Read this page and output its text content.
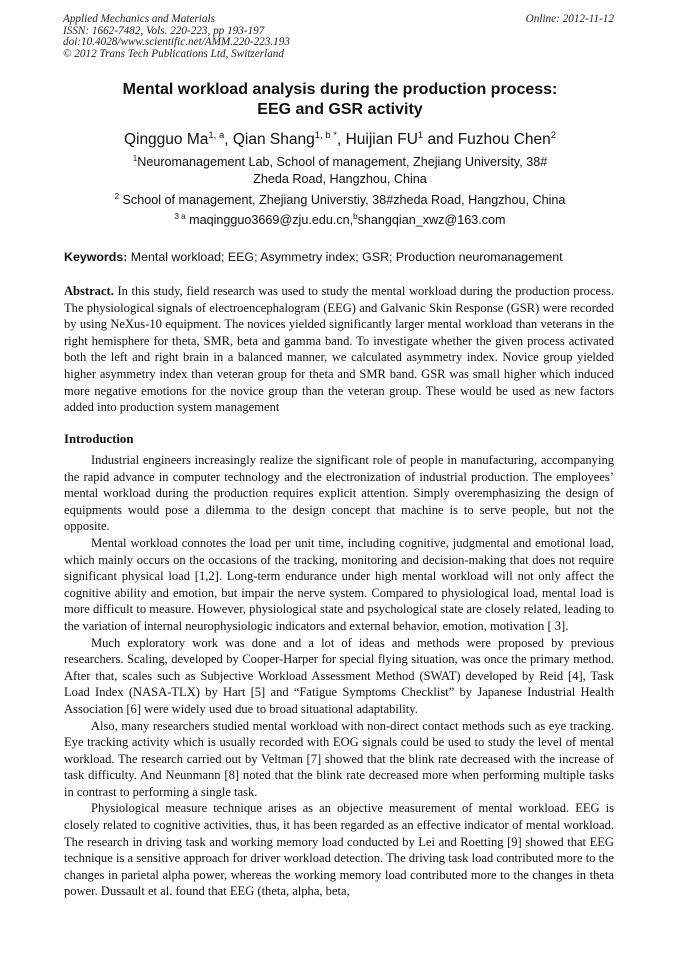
Applied Mechanics and Materials
ISSN: 1662-7482, Vols. 220-223, pp 193-197
doi:10.4028/www.scientific.net/AMM.220-223.193
© 2012 Trans Tech Publications Ltd, Switzerland
Online: 2012-11-12
Mental workload analysis during the production process:
EEG and GSR activity
Qingguo Ma$^{1, a}$, Qian Shang$^{1, b *}$, Huijian $FU^1$ and Fuzhou Chen$^2$
$^1$Neuromanagement Lab, School of management, Zhejiang University, 38#
Zheda Road, Hangzhou, China
$^2$ School of management, Zhejiang Universtiy, 38#zheda Road, Hangzhou, China
$^{3 a}$ maqingguo3669@zju.edu.cn,$^b$shangqian_xwz@163.com
Keywords: Mental workload; EEG; Asymmetry index; GSR; Production neuromanagement
Abstract. In this study, field research was used to study the mental workload during the production process. The physiological signals of electroencephalogram (EEG) and Galvanic Skin Response (GSR) were recorded by using NeXus-10 equipment. The novices yielded significantly larger mental workload than veterans in the right hemisphere for theta, SMR, beta and gamma band. To investigate whether the given process activated both the left and right brain in a balanced manner, we calculated asymmetry index. Novice group yielded higher asymmetry index than veteran group for theta and SMR band. GSR was small higher which induced more negative emotions for the novice group than the veteran group. These would be used as new factors added into production system management
Introduction

Industrial engineers increasingly realize the significant role of people in manufacturing, accompanying the rapid advance in computer technology and the electronization of industrial production. The employees’ mental workload during the production requires explicit attention. Simply overemphasizing the design of equipments would pose a dilemma to the design concept that machine is to serve people, but not the opposite.

Mental workload connotes the load per unit time, including cognitive, judgmental and emotional load, which mainly occurs on the occasions of the tracking, monitoring and decision-making that does not require significant physical load [1,2]. Long-term endurance under high mental workload will not only affect the cognitive ability and emotion, but impair the nerve system. Compared to physiological load, mental load is more difficult to measure. However, physiological state and psychological state are closely related, leading to the variation of internal neurophysiologic indicators and external behavior, emotion, motivation [ 3].

Much exploratory work was done and a lot of ideas and methods were proposed by previous researchers. Scaling, developed by Cooper-Harper for special flying situation, was once the primary method. After that, scales such as Subjective Workload Assessment Method (SWAT) developed by Reid [4], Task Load Index (NASA-TLX) by Hart [5] and “Fatigue Symptoms Checklist” by Japanese Industrial Health Association [6] were widely used due to broad situational adaptability.

Also, many researchers studied mental workload with non-direct contact methods such as eye tracking. Eye tracking activity which is usually recorded with EOG signals could be used to study the level of mental workload. The research carried out by Veltman [7] showed that the blink rate decreased with the increase of task difficulty. And Neunmann [8] noted that the blink rate decreased more when performing multiple tasks in contrast to performing a single task.

Physiological measure technique arises as an objective measurement of mental workload. EEG is closely related to cognitive activities, thus, it has been regarded as an effective indicator of mental workload. The research in driving task and working memory load conducted by Lei and Roetting [9] showed that EEG technique is a sensitive approach for driver workload detection. The driving task load contributed more to the changes in parietal alpha power, whereas the working memory load contributed more to the changes in theta power. Dussault et al. found that EEG (theta, alpha, beta,
